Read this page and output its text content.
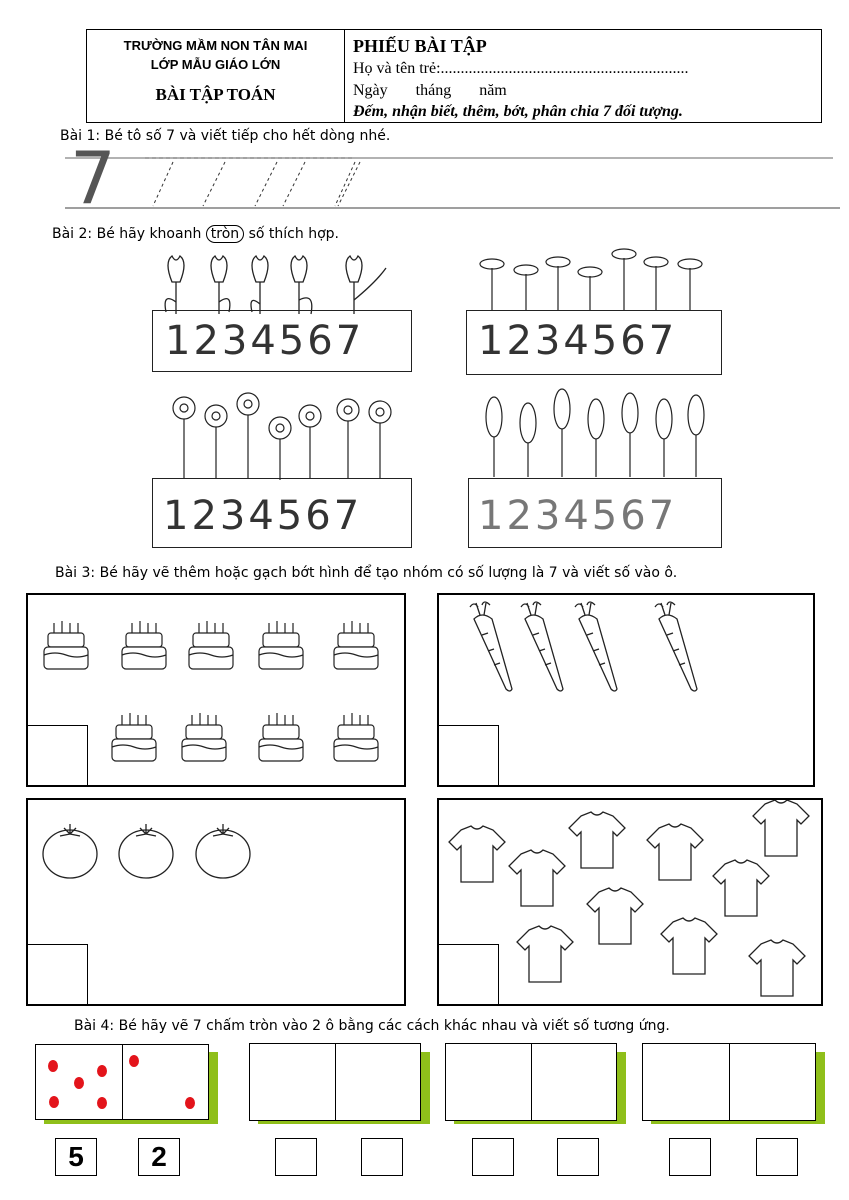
TRƯỜNG MẦM NON TÂN MAI
LỚP MẪU GIÁO LỚN
BÀI TẬP TOÁN
PHIẾU BÀI TẬP
Họ và tên trẻ:..............................................................
Ngày tháng năm
Đếm, nhận biết, thêm, bớt, phân chia 7 đối tượng.
Bài 1: Bé tô số 7 và viết tiếp cho hết dòng nhé.
7
Bài 2: Bé hãy khoanh tròn số thích hợp.
1234567	1234567
1234567	1234567
Bài 3: Bé hãy vẽ thêm hoặc gạch bớt hình để tạo nhóm có số lượng là 7 và viết số vào ô.
Bài 4: Bé hãy vẽ 7 chấm tròn vào 2 ô bằng các cách khác nhau và viết số tương ứng.
5	2
